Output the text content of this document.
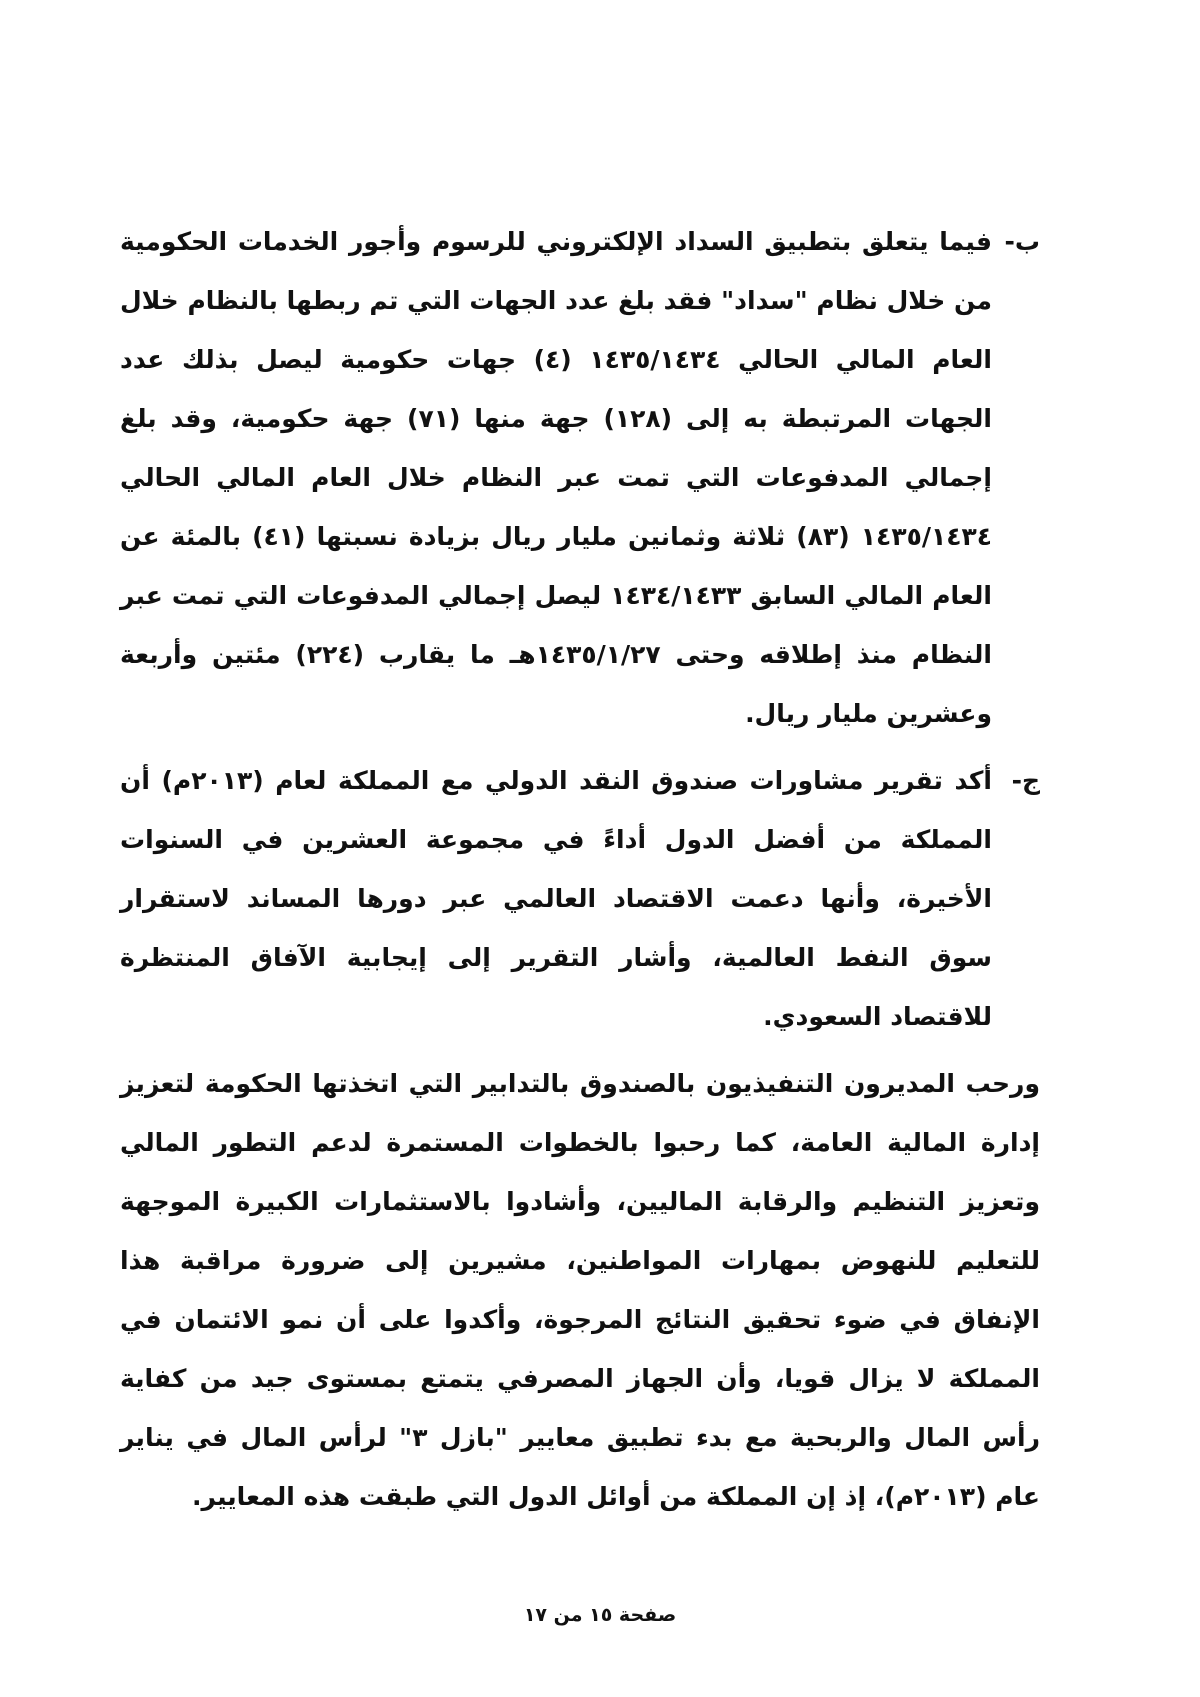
ب-
فيما يتعلق بتطبيق السداد الإلكتروني للرسوم وأجور الخدمات الحكومية من خلال نظام "سداد" فقد بلغ عدد الجهات التي تم ربطها بالنظام خلال العام المالي الحالي ١٤٣٥/١٤٣٤ (٤) جهات حكومية ليصل بذلك عدد الجهات المرتبطة به إلى (١٢٨) جهة منها (٧١) جهة حكومية، وقد بلغ إجمالي المدفوعات التي تمت عبر النظام خلال العام المالي الحالي ١٤٣٥/١٤٣٤ (٨٣) ثلاثة وثمانين مليار ريال بزيادة نسبتها (٤١) بالمئة عن العام المالي السابق ١٤٣٤/١٤٣٣ ليصل إجمالي المدفوعات التي تمت عبر النظام منذ إطلاقه وحتى ١٤٣٥/١/٢٧هـ ما يقارب (٢٢٤) مئتين وأربعة وعشرين مليار ريال.
ج-
أكد تقرير مشاورات صندوق النقد الدولي مع المملكة لعام (٢٠١٣م) أن المملكة من أفضل الدول أداءً في مجموعة العشرين في السنوات الأخيرة، وأنها دعمت الاقتصاد العالمي عبر دورها المساند لاستقرار سوق النفط العالمية، وأشار التقرير إلى إيجابية الآفاق المنتظرة للاقتصاد السعودي.

ورحب المديرون التنفيذيون بالصندوق بالتدابير التي اتخذتها الحكومة لتعزيز إدارة المالية العامة، كما رحبوا بالخطوات المستمرة لدعم التطور المالي وتعزيز التنظيم والرقابة الماليين، وأشادوا بالاستثمارات الكبيرة الموجهة للتعليم للنهوض بمهارات المواطنين، مشيرين إلى ضرورة مراقبة هذا الإنفاق في ضوء تحقيق النتائج المرجوة، وأكدوا على أن نمو الائتمان في المملكة لا يزال قويا، وأن الجهاز المصرفي يتمتع بمستوى جيد من كفاية رأس المال والربحية مع بدء تطبيق معايير "بازل ٣" لرأس المال في يناير عام (٢٠١٣م)، إذ إن المملكة من أوائل الدول التي طبقت هذه المعايير.

صفحة ١٥ من ١٧
